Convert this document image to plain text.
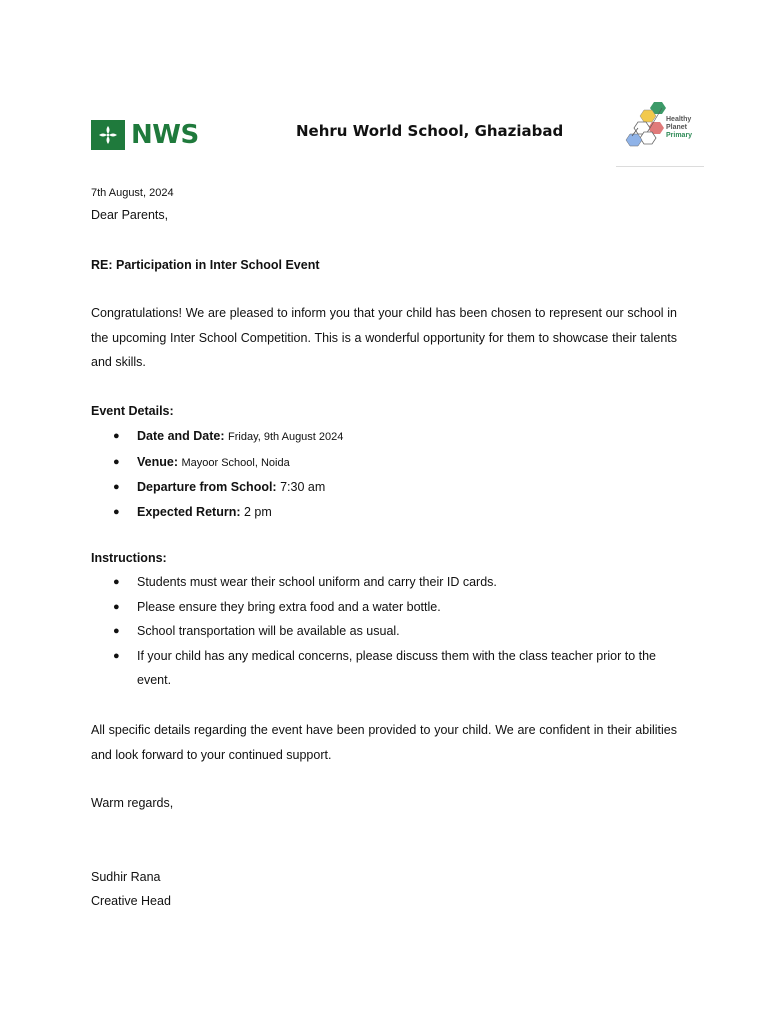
NWS	Nehru World School, Ghaziabad
Healthy
Planet
Primary
7th August, 2024
Dear Parents,
RE: Participation in Inter School Event
Congratulations! We are pleased to inform you that your child has been chosen to represent our school in the upcoming Inter School Competition. This is a wonderful opportunity for them to showcase their talents and skills.
Event Details:
● Date and Date: Friday, 9th August 2024
● Venue: Mayoor School, Noida
● Departure from School: 7:30 am
● Expected Return: 2 pm
Instructions:
● Students must wear their school uniform and carry their ID cards.
● Please ensure they bring extra food and a water bottle.
● School transportation will be available as usual.
● If your child has any medical concerns, please discuss them with the class teacher prior to the event.
All specific details regarding the event have been provided to your child. We are confident in their abilities and look forward to your continued support.
Warm regards,
Sudhir Rana
Creative Head
